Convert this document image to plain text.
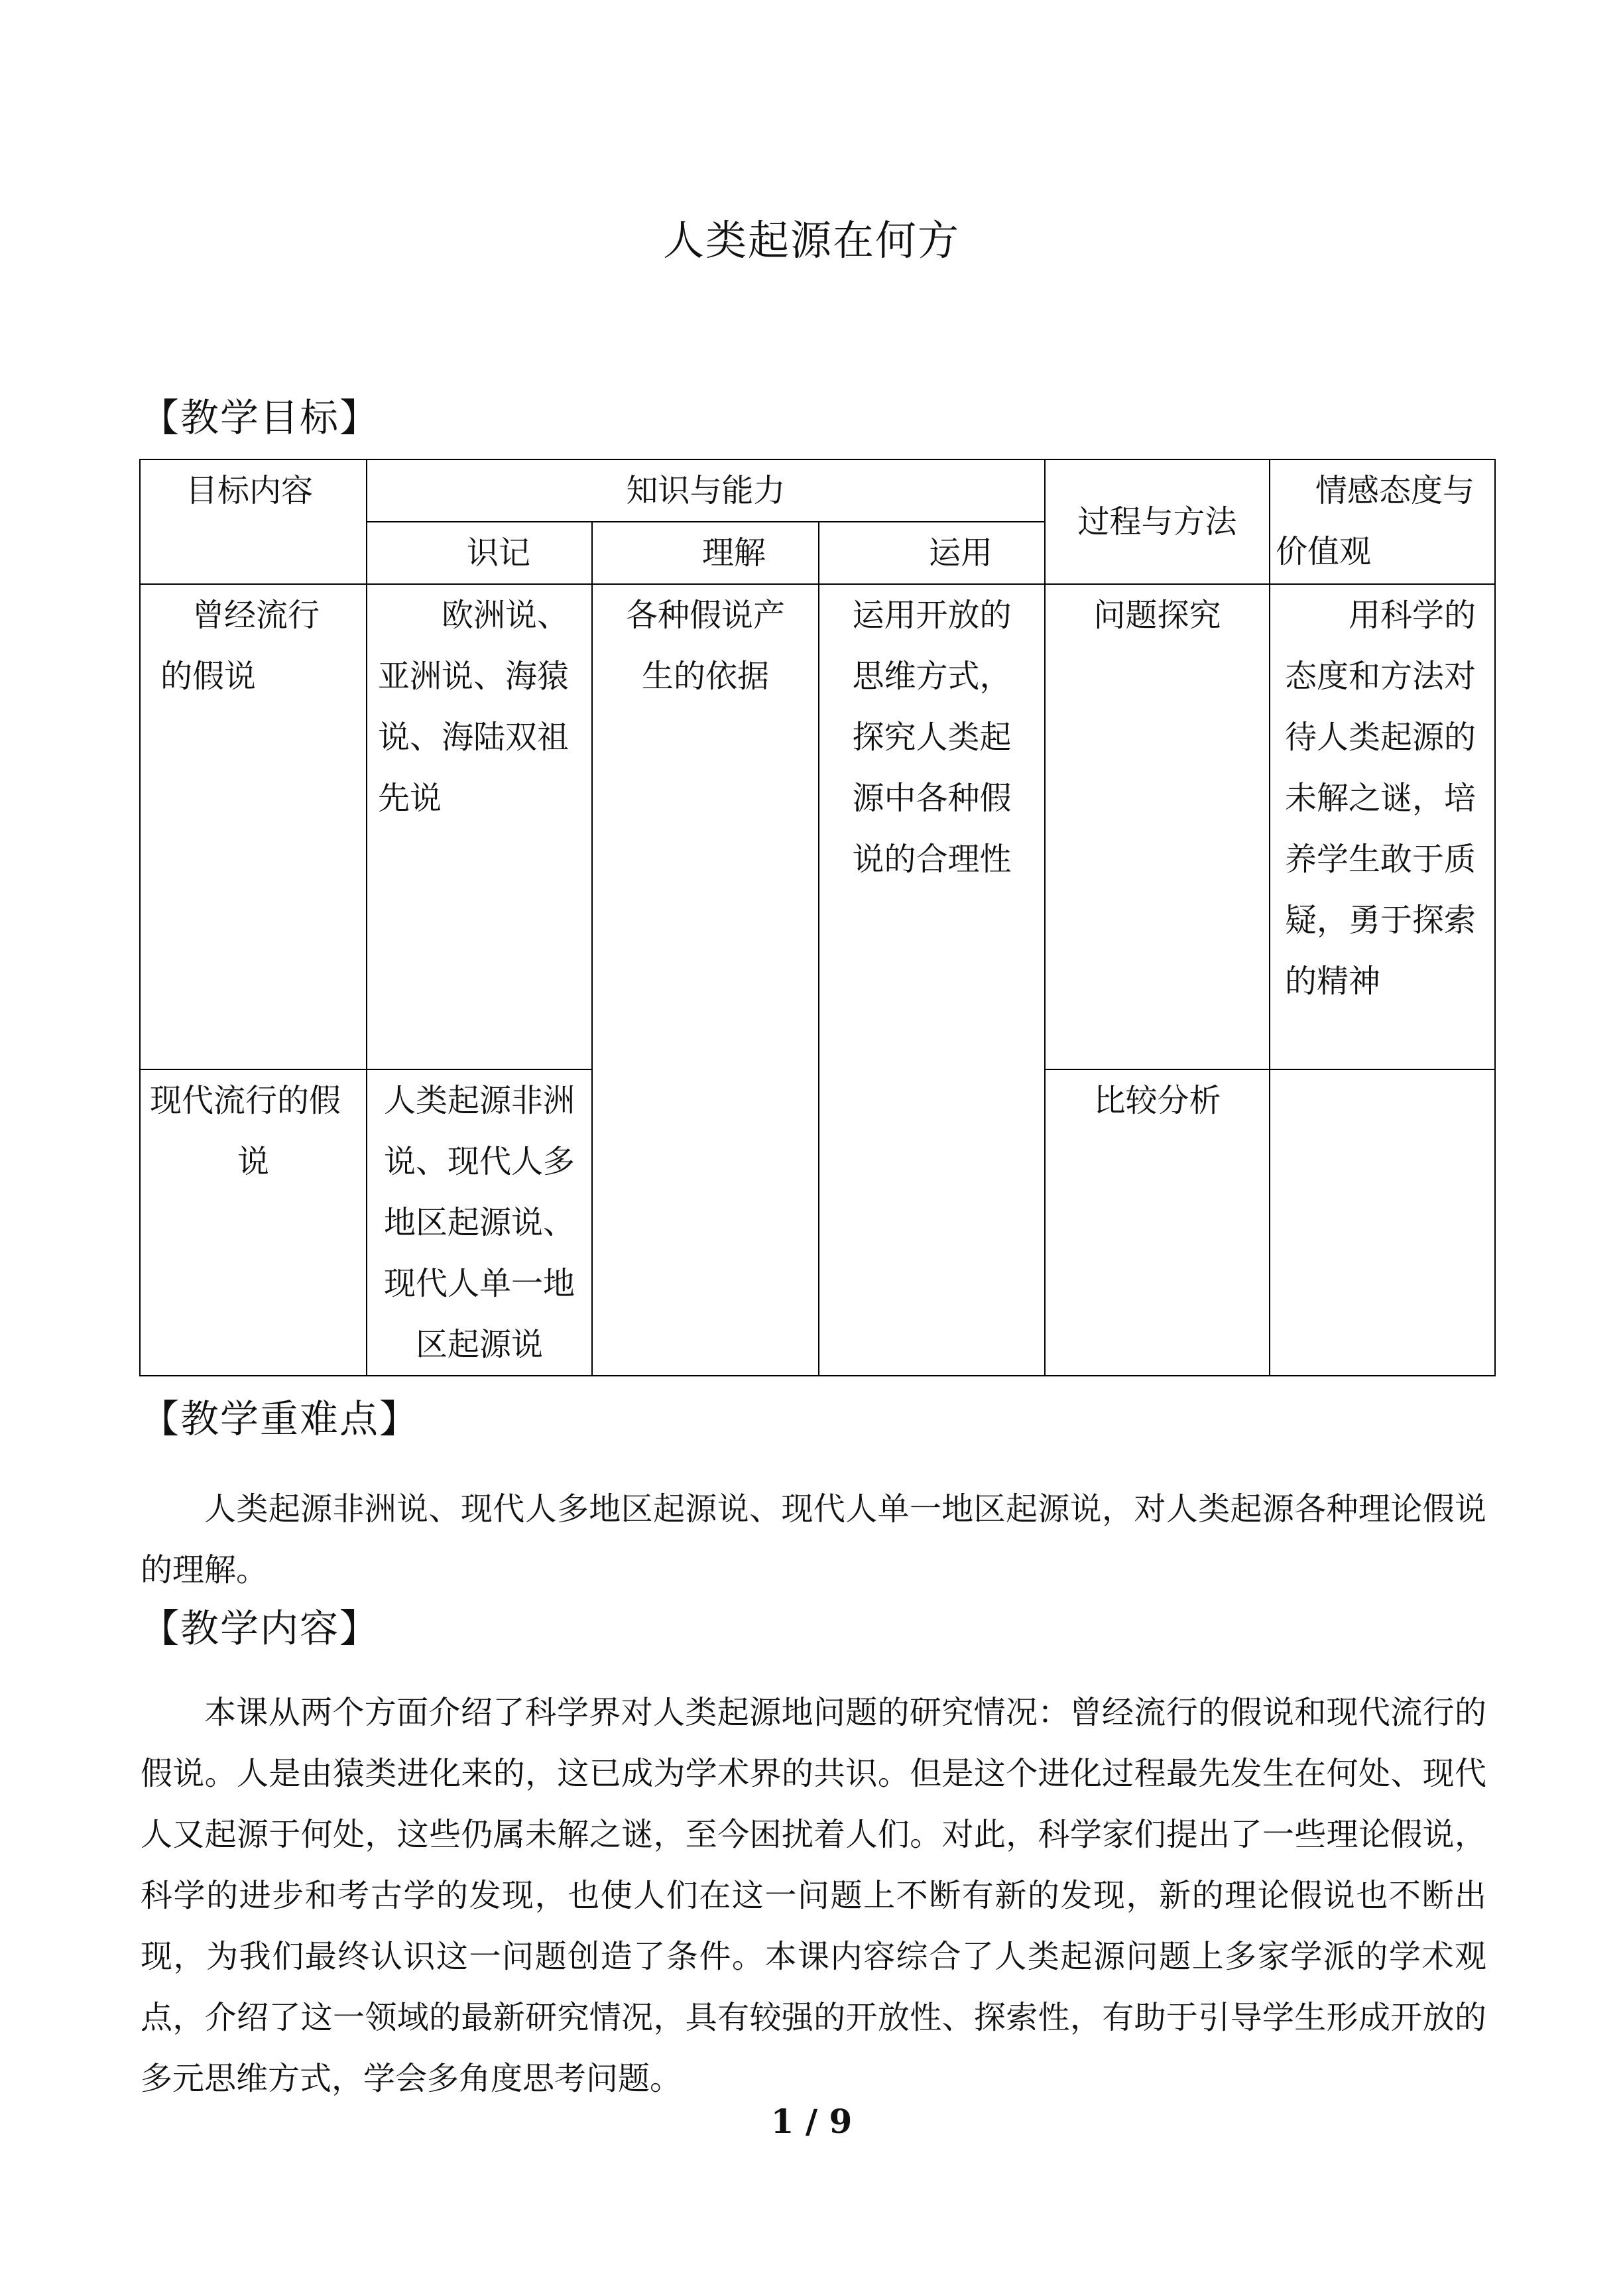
人类起源在何方
【教学目标】
目标内容	知识与能力			过程与方法	情感态度与价值观
	识记	理解	运用		
曾经流行的假说	欧洲说、亚洲说、海猿说、海陆双祖先说	各种假说产生的依据	运用开放的思维方式，探究人类起源中各种假说的合理性	问题探究	用科学的态度和方法对待人类起源的未解之谜，培养学生敢于质疑，勇于探索的精神

现代流行的假说	人类起源非洲说、现代人多地区起源说、现代人单一地区起源说			比较分析	
【教学重难点】

人类起源非洲说、现代人多地区起源说、现代人单一地区起源说，对人类起源各种理论假说的理解。

【教学内容】

本课从两个方面介绍了科学界对人类起源地问题的研究情况：曾经流行的假说和现代流行的假说。人是由猿类进化来的，这已成为学术界的共识。但是这个进化过程最先发生在何处、现代人又起源于何处，这些仍属未解之谜，至今困扰着人们。对此，科学家们提出了一些理论假说，科学的进步和考古学的发现，也使人们在这一问题上不断有新的发现，新的理论假说也不断出现，为我们最终认识这一问题创造了条件。本课内容综合了人类起源问题上多家学派的学术观点，介绍了这一领域的最新研究情况，具有较强的开放性、探索性，有助于引导学生形成开放的多元思维方式，学会多角度思考问题。

1 / 9
